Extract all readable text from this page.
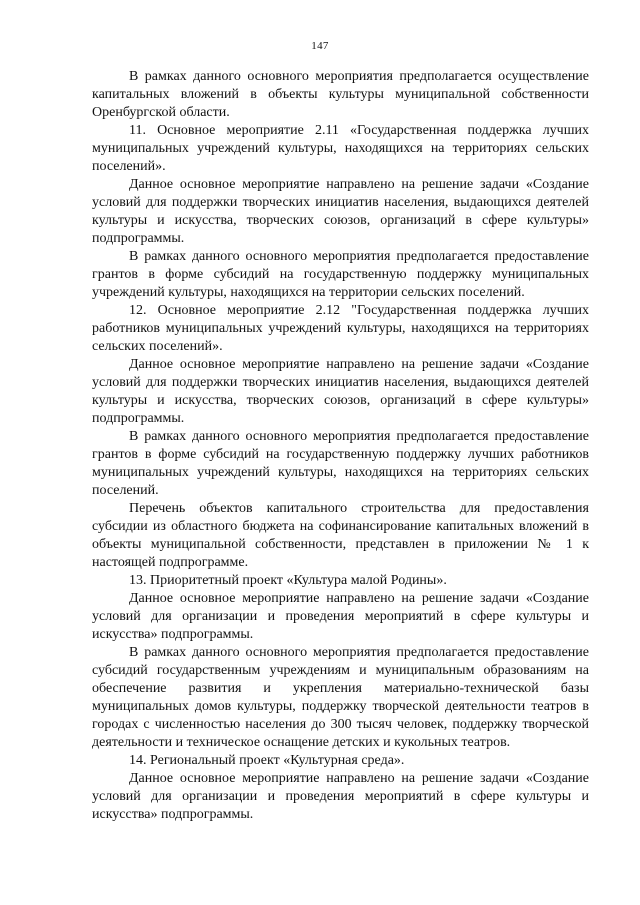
147

В рамках данного основного мероприятия предполагается осуществление капитальных вложений в объекты культуры муниципальной собственности Оренбургской области.

11. Основное мероприятие 2.11 «Государственная поддержка лучших муниципальных учреждений культуры, находящихся на территориях сельских поселений».

Данное основное мероприятие направлено на решение задачи «Создание условий для поддержки творческих инициатив населения, выдающихся деятелей культуры и искусства, творческих союзов, организаций в сфере культуры» подпрограммы.

В рамках данного основного мероприятия предполагается предоставление грантов в форме субсидий на государственную поддержку муниципальных учреждений культуры, находящихся на территории сельских поселений.

12. Основное мероприятие 2.12 "Государственная поддержка лучших работников муниципальных учреждений культуры, находящихся на территориях сельских поселений».

Данное основное мероприятие направлено на решение задачи «Создание условий для поддержки творческих инициатив населения, выдающихся деятелей культуры и искусства, творческих союзов, организаций в сфере культуры» подпрограммы.

В рамках данного основного мероприятия предполагается предоставление грантов в форме субсидий на государственную поддержку лучших работников муниципальных учреждений культуры, находящихся на территориях сельских поселений.

Перечень объектов капитального строительства для предоставления субсидии из областного бюджета на софинансирование капитальных вложений в объекты муниципальной собственности, представлен в приложении № 1 к настоящей подпрограмме.

13. Приоритетный проект «Культура малой Родины».

Данное основное мероприятие направлено на решение задачи «Создание условий для организации и проведения мероприятий в сфере культуры и искусства» подпрограммы.

В рамках данного основного мероприятия предполагается предоставление субсидий государственным учреждениям и муниципальным образованиям на обеспечение развития и укрепления материально-технической базы муниципальных домов культуры, поддержку творческой деятельности театров в городах с численностью населения до 300 тысяч человек, поддержку творческой деятельности и техническое оснащение детских и кукольных театров.

14. Региональный проект «Культурная среда».

Данное основное мероприятие направлено на решение задачи «Создание условий для организации и проведения мероприятий в сфере культуры и искусства» подпрограммы.
